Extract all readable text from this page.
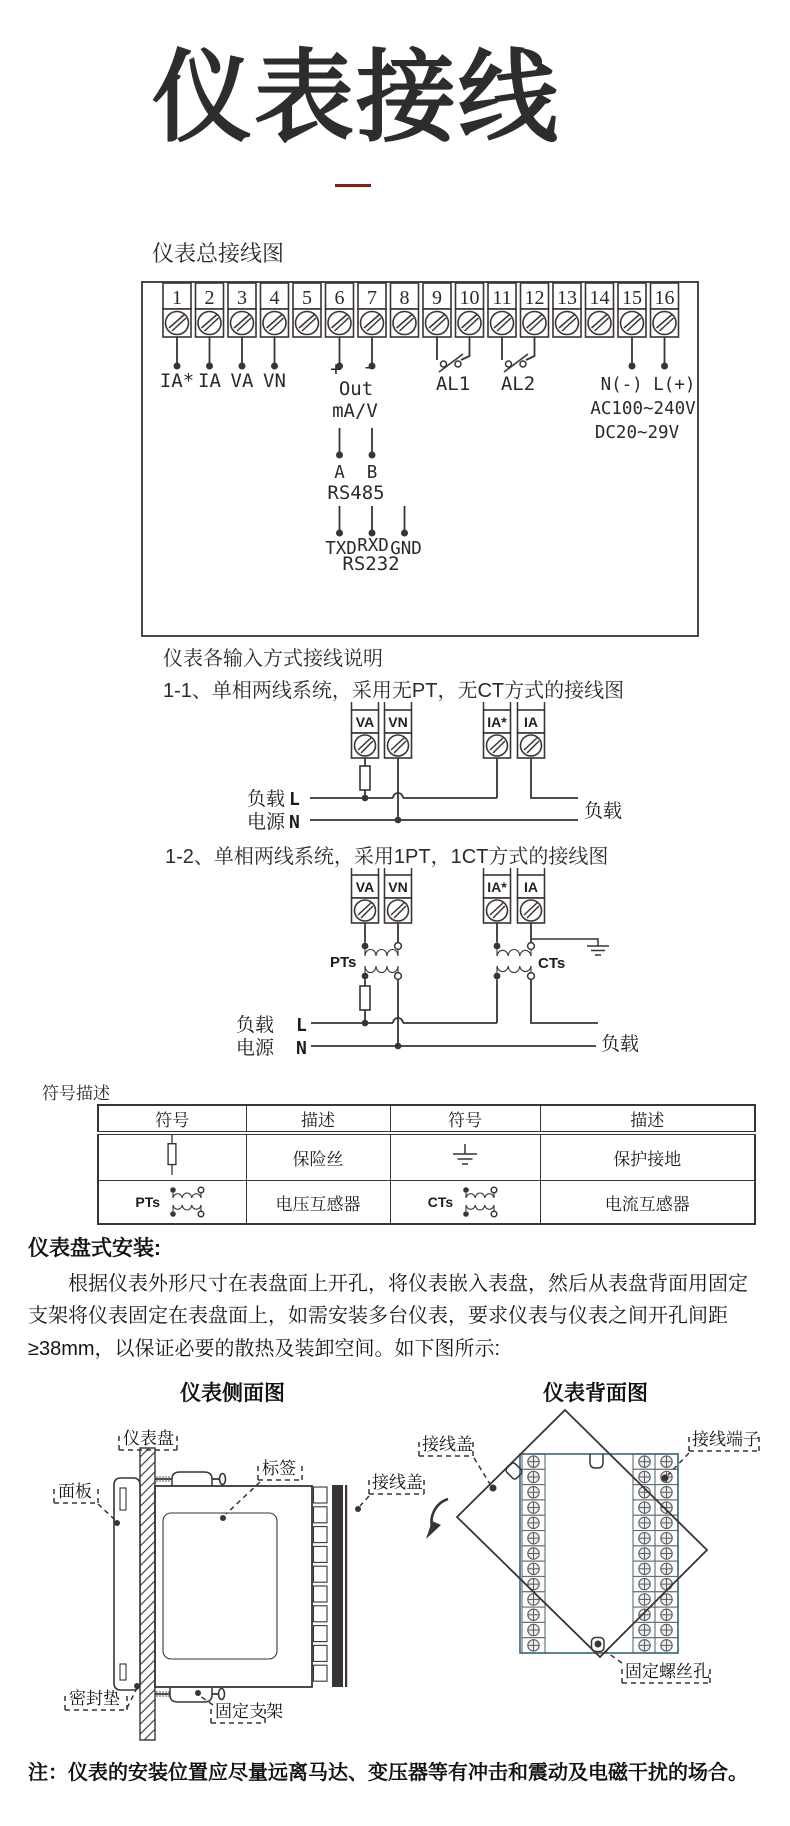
仪表接线
仪表总接线图
1 2 3 4 5 6 7 8 9 10 11 12 13 14 15 16
IA* IA VA VN
+ -
Out
mA/V
A B
RS485
TXD RXD GND
RS232
AL1 AL2	N(-) L(+)
AC100~240V
DC20~29V
仪表各输入方式接线说明
1-1、单相两线系统，采用无PT，无CT方式的接线图
VA VN	IA* IA
负载 L
电源 N
负载
1-2、单相两线系统，采用1PT，1CT方式的接线图
VA VN	IA* IA
PTs	CTs
负载 L
电源 N	负载
符号描述
符号	描述	符号	描述
	保险丝		保护接地

PTs	电压互感器	CTs	电流互感器
仪表盘式安装:
根据仪表外形尺寸在表盘面上开孔，将仪表嵌入表盘，然后从表盘背面用固定支架将仪表固定在表盘面上，如需安装多台仪表，要求仪表与仪表之间开孔间距≥38mm，以保证必要的散热及装卸空间。如下图所示:
仪表侧面图	仪表背面图
仪表盘
面板
标签
接线盖
密封垫
固定支架
接线盖	接线端子
固定螺丝孔
注：仪表的安装位置应尽量远离马达、变压器等有冲击和震动及电磁干扰的场合。
